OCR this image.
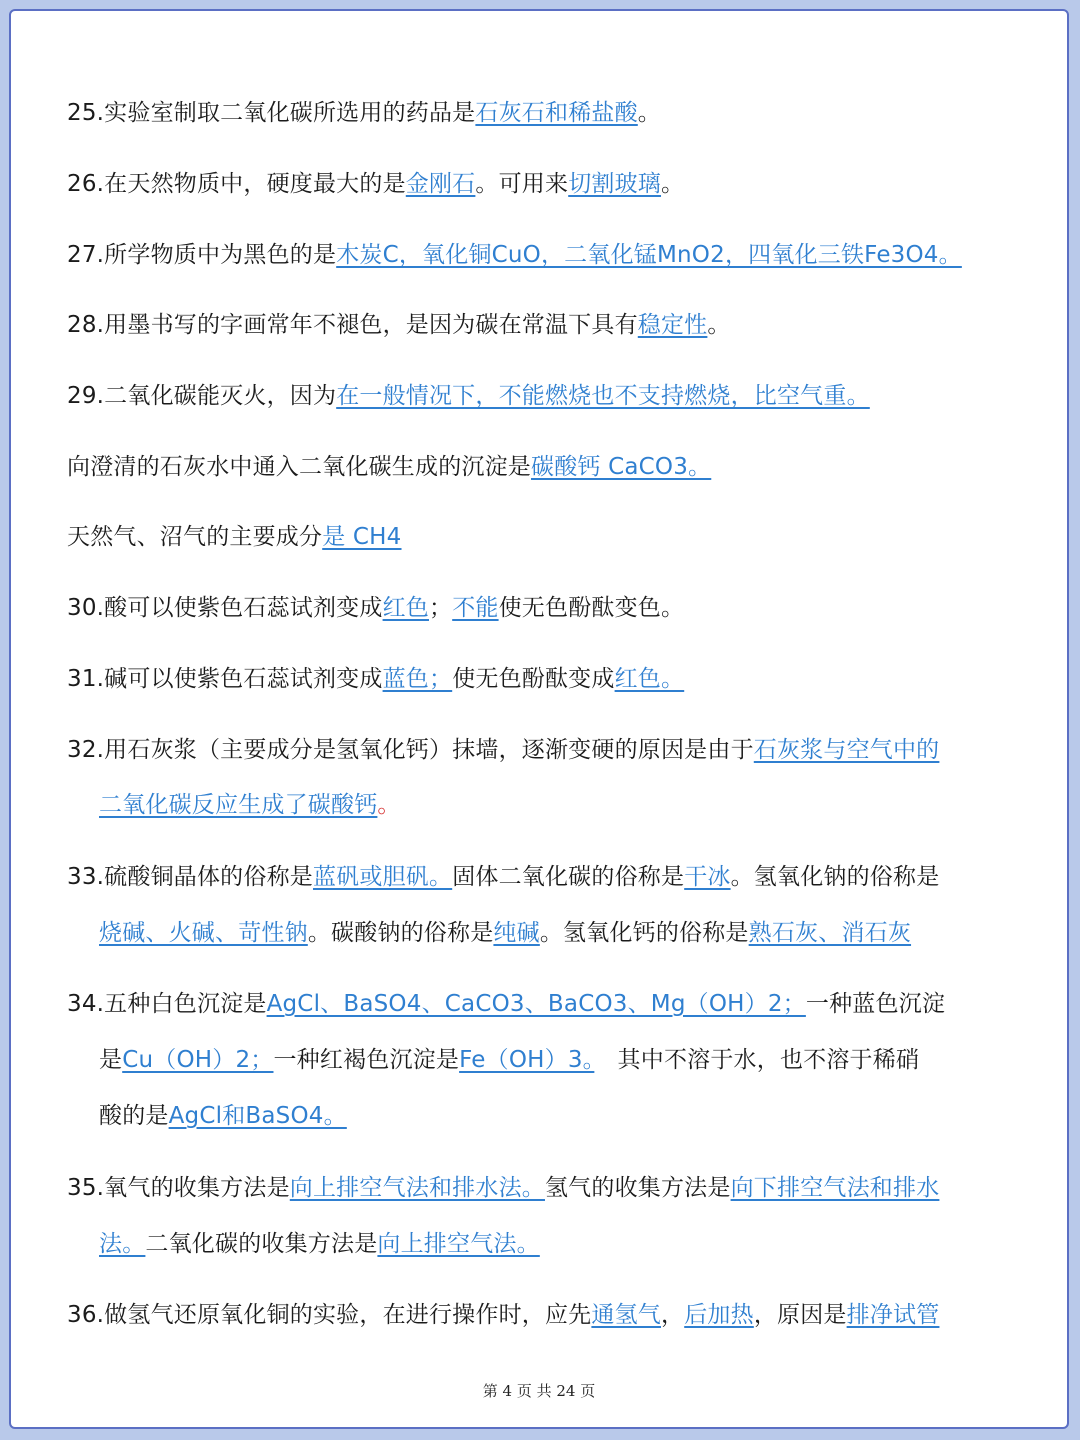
25.实验室制取二氧化碳所选用的药品是石灰石和稀盐酸。
26.在天然物质中，硬度最大的是金刚石。可用来切割玻璃。
27.所学物质中为黑色的是木炭C，氧化铜CuO，二氧化锰MnO2，四氧化三铁Fe3O4。
28.用墨书写的字画常年不褪色，是因为碳在常温下具有稳定性。
29.二氧化碳能灭火，因为在一般情况下，不能燃烧也不支持燃烧，比空气重。
向澄清的石灰水中通入二氧化碳生成的沉淀是碳酸钙 CaCO3。
天然气、沼气的主要成分是 CH4
30.酸可以使紫色石蕊试剂变成红色；不能使无色酚酞变色。
31.碱可以使紫色石蕊试剂变成蓝色；使无色酚酞变成红色。
32.用石灰浆（主要成分是氢氧化钙）抹墙，逐渐变硬的原因是由于石灰浆与空气中的
二氧化碳反应生成了碳酸钙。
33.硫酸铜晶体的俗称是蓝矾或胆矾。固体二氧化碳的俗称是干冰。氢氧化钠的俗称是
烧碱、火碱、苛性钠。碳酸钠的俗称是纯碱。氢氧化钙的俗称是熟石灰、消石灰
34.五种白色沉淀是AgCl、BaSO4、CaCO3、BaCO3、Mg（OH）2；一种蓝色沉淀
是Cu（OH）2；一种红褐色沉淀是Fe（OH）3。　其中不溶于水，也不溶于稀硝
酸的是AgCl和BaSO4。
35.氧气的收集方法是向上排空气法和排水法。氢气的收集方法是向下排空气法和排水
法。二氧化碳的收集方法是向上排空气法。
36.做氢气还原氧化铜的实验，在进行操作时，应先通氢气，后加热，原因是排净试管
第 4 页 共 24 页
